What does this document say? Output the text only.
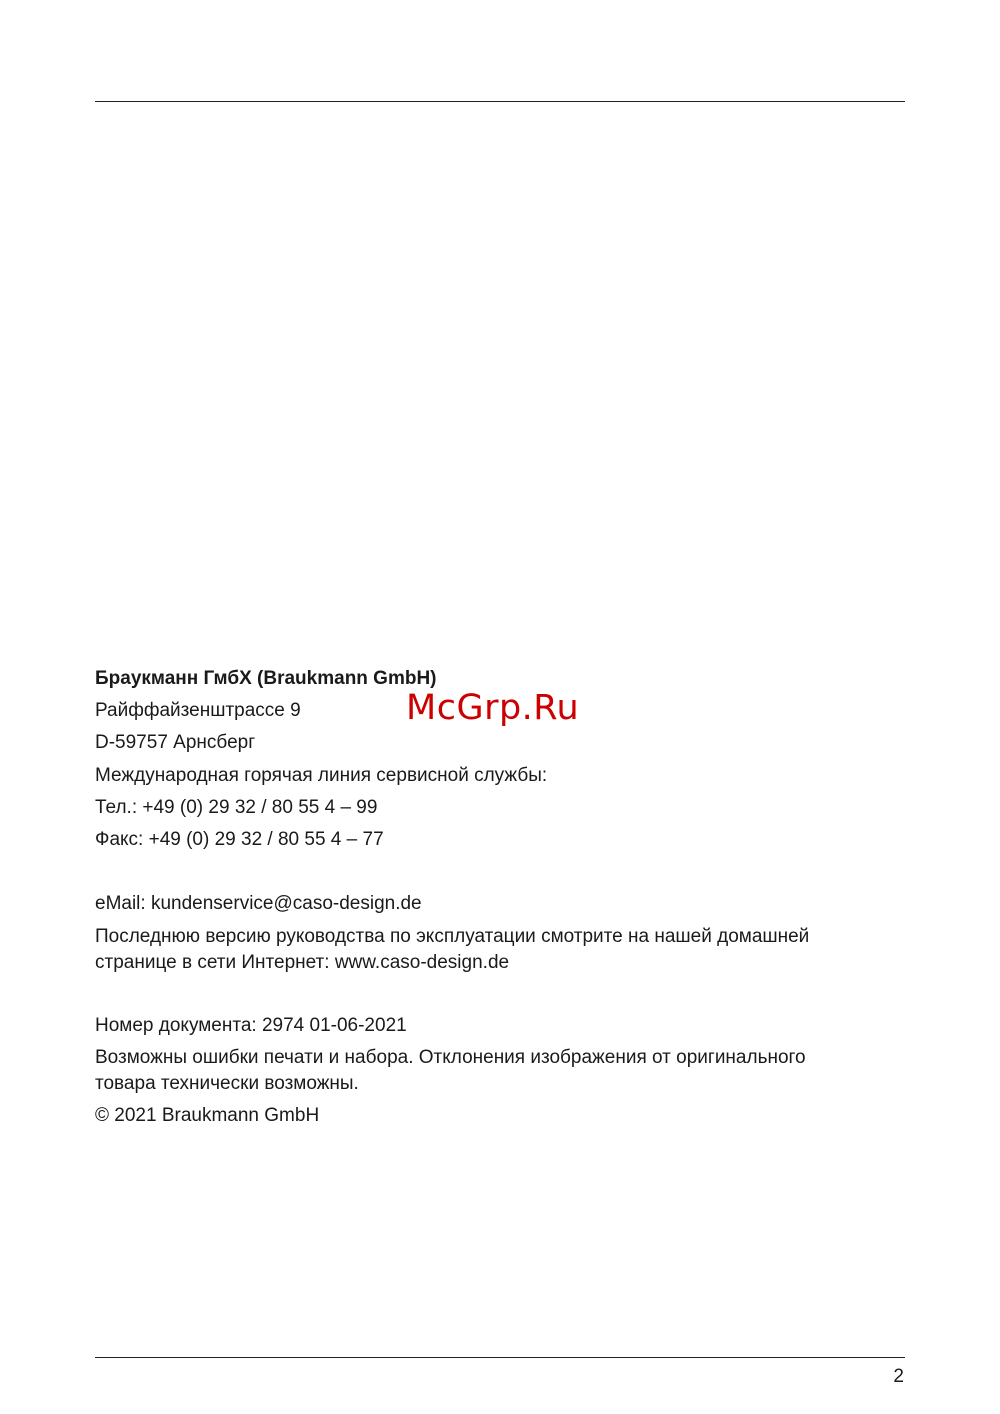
Браукманн ГмбХ (Braukmann GmbH)
Райффайзенштрассе 9	McGrp.Ru
D-59757 Арнсберг
Международная горячая линия сервисной службы:
Тел.: +49 (0) 29 32 / 80 55 4 – 99
Факс: +49 (0) 29 32 / 80 55 4 – 77
eMail: kundenservice@caso-design.de
Последнюю версию руководства по эксплуатации смотрите на нашей домашней
странице в сети Интернет: www.caso-design.de
Номер документа: 2974 01-06-2021
Возможны ошибки печати и набора. Отклонения изображения от оригинального
товара технически возможны.
© 2021 Braukmann GmbH
2
